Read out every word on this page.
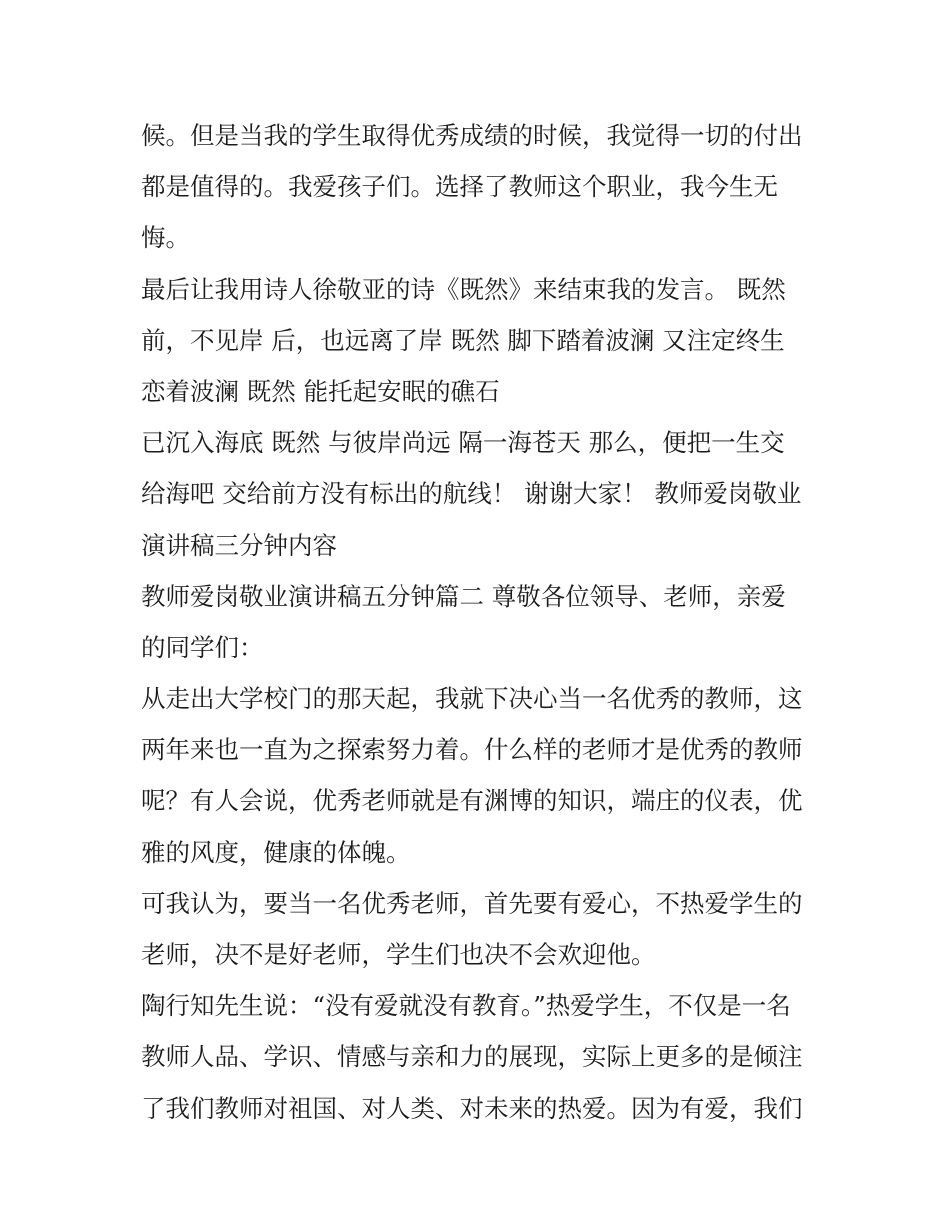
候。但是当我的学生取得优秀成绩的时候，我觉得一切的付出
都是值得的。我爱孩子们。选择了教师这个职业，我今生无
悔。
最后让我用诗人徐敬亚的诗《既然》来结束我的发言。 既然
前，不见岸 后，也远离了岸 既然 脚下踏着波澜 又注定终生
恋着波澜 既然 能托起安眠的礁石
已沉入海底 既然 与彼岸尚远 隔一海苍天 那么，便把一生交
给海吧 交给前方没有标出的航线！ 谢谢大家！ 教师爱岗敬业
演讲稿三分钟内容
教师爱岗敬业演讲稿五分钟篇二 尊敬各位领导、老师，亲爱
的同学们：
从走出大学校门的那天起，我就下决心当一名优秀的教师，这
两年来也一直为之探索努力着。什么样的老师才是优秀的教师
呢？有人会说，优秀老师就是有渊博的知识，端庄的仪表，优
雅的风度，健康的体魄。
可我认为，要当一名优秀老师，首先要有爱心，不热爱学生的
老师，决不是好老师，学生们也决不会欢迎他。
陶行知先生说：“没有爱就没有教育。”热爱学生，不仅是一名
教师人品、学识、情感与亲和力的展现，实际上更多的是倾注
了我们教师对祖国、对人类、对未来的热爱。因为有爱，我们
